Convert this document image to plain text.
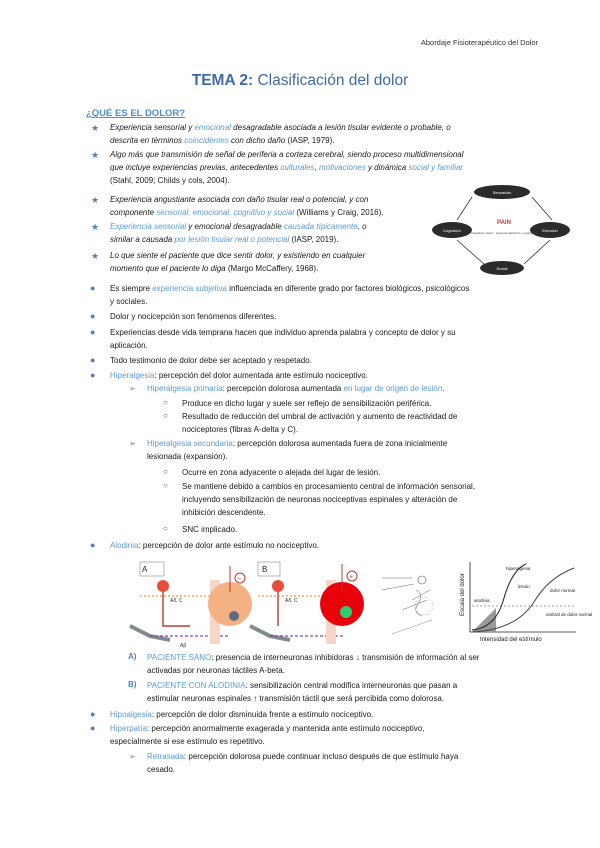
Abordaje Fisioterapéutico del Dolor
TEMA 2: Clasificación del dolor
¿QUÉ ES EL DOLOR?
★ Experiencia sensorial y emocional desagradable asociada a lesión tisular evidente o probable, o
descrita en términos coincidentes con dicho daño (IASP, 1979).
★ Algo más que transmisión de señal de periferia a corteza cerebral, siendo proceso multidimensional
que incluye experiencias previas, antecedentes culturales, motivaciones y dinámica social y familiar
(Stahl, 2009; Childs y cols, 2004).
★ Experiencia angustiante asociada con daño tisular real o potencial, y con
componente sensorial, emocional, cognitivo y social (Williams y Craig, 2016).
★ Experiencia sensorial y emocional desagradable causada típicamente, o
similar a causada por lesión tisular real o potencial (IASP, 2019).
★ Lo que siente el paciente que dice sentir dolor, y existiendo en cualquier
momento que el paciente lo diga (Margo McCaffery, 1968).
Sensación
Cognición	Emoción
Social
PAIN
Ansiedad y dolor · aspectos afectivos y cognitivos
● Es siempre experiencia subjetiva influenciada en diferente grado por factores biológicos, psicológicos
y sociales.
● Dolor y nocicepción son fenómenos diferentes.
● Experiencias desde vida temprana hacen que individuo aprenda palabra y concepto de dolor y su
aplicación.
● Todo testimonio de dolor debe ser aceptado y respetado.
● Hiperalgesia: percepción del dolor aumentada ante estímulo nociceptivo.
➢ Hiperalgesia primaria: percepción dolorosa aumentada en lugar de origen de lesión.
○ Produce en dicho lugar y suele ser reflejo de sensibilización periférica.
○ Resultado de reducción del umbral de activación y aumento de reactividad de
nociceptores (fibras A-delta y C).
➢ Hiperalgesia secundaria: percepción dolorosa aumentada fuera de zona inicialmente
lesionada (expansión).
○ Ocurre en zona adyacente o alejada del lugar de lesión.
○ Se mantiene debido a cambios en procesamiento central de información sensorial,
incluyendo sensibilización de neuronas nociceptivas espinales y alteración de
inhibición descendente.
○ SNC implicado.
● Alodinia: percepción de dolor ante estímulo no nociceptivo.
A
Aδ, C
Aβ
−
B
Aδ, C
+	Escala del dolor
Intensidad del estímulo
hiperalgesia
lesión
dolor normal
alodinia
umbral de dolor normal
A) PACIENTE SANO: presencia de interneuronas inhibidoras ↓ transmisión de información al ser
activadas por neuronas táctiles A-beta.
B) PACIENTE CON ALODINIA: sensibilización central modifica interneuronas que pasan a
estimular neuronas espinales ↑ transmisión táctil que será percibida como dolorosa.
● Hipoalgesia: percepción de dolor disminuida frente a estímulo nociceptivo.
● Hiperpatía: percepción anormalmente exagerada y mantenida ante estímulo nociceptivo,
especialmente si ese estímulo es repetitivo.
➢ Retrasada: percepción dolorosa puede continuar incluso después de que estímulo haya
cesado.
